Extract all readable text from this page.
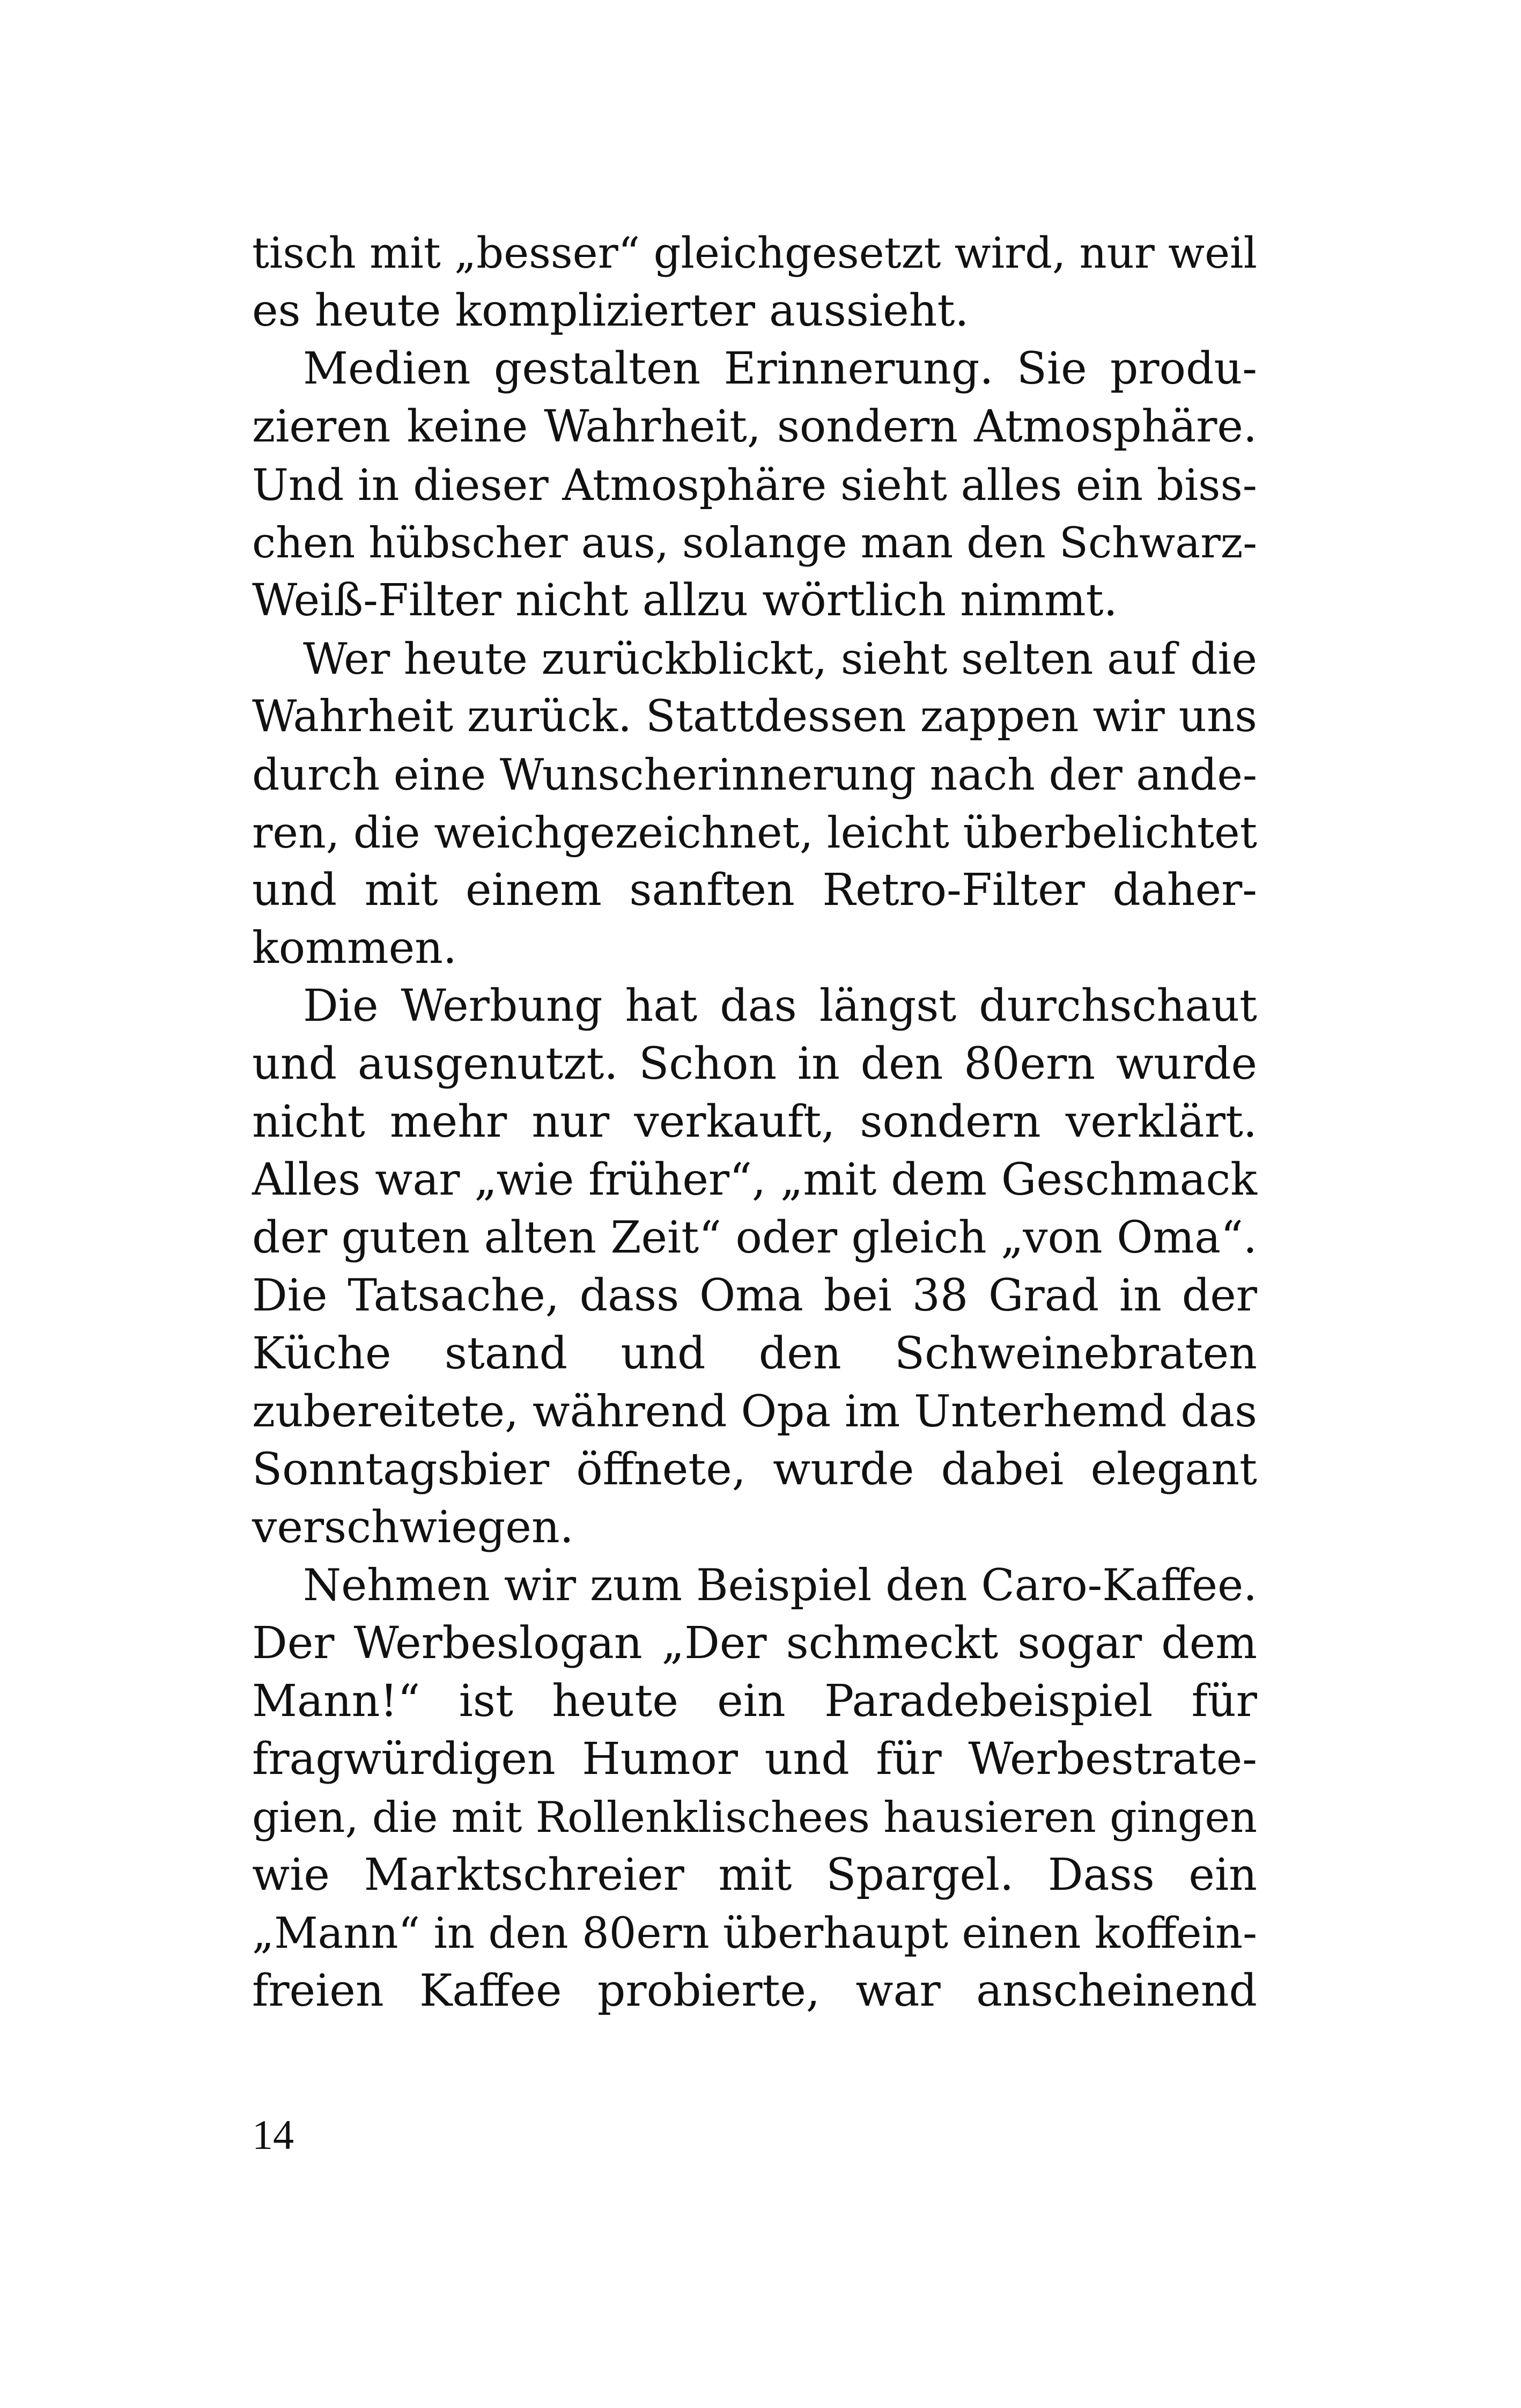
tisch mit „besser“ gleichgesetzt wird, nur weil
es heute komplizierter aussieht.
Medien gestalten Erinnerung. Sie produ-
zieren keine Wahrheit, sondern Atmosphäre.
Und in dieser Atmosphäre sieht alles ein biss-
chen hübscher aus, solange man den Schwarz-
Weiß-Filter nicht allzu wörtlich nimmt.
Wer heute zurückblickt, sieht selten auf die
Wahrheit zurück. Stattdessen zappen wir uns
durch eine Wunscherinnerung nach der ande-
ren, die weichgezeichnet, leicht überbelichtet
und mit einem sanften Retro-Filter daher-
kommen.
Die Werbung hat das längst durchschaut
und ausgenutzt. Schon in den 80ern wurde
nicht mehr nur verkauft, sondern verklärt.
Alles war „wie früher“, „mit dem Geschmack
der guten alten Zeit“ oder gleich „von Oma“.
Die Tatsache, dass Oma bei 38 Grad in der
Küche stand und den Schweinebraten
zubereitete, während Opa im Unterhemd das
Sonntagsbier öffnete, wurde dabei elegant
verschwiegen.
Nehmen wir zum Beispiel den Caro-Kaffee.
Der Werbeslogan „Der schmeckt sogar dem
Mann!“ ist heute ein Paradebeispiel für
fragwürdigen Humor und für Werbestrate-
gien, die mit Rollenklischees hausieren gingen
wie Marktschreier mit Spargel. Dass ein
„Mann“ in den 80ern überhaupt einen koffein-
freien Kaffee probierte, war anscheinend
14
